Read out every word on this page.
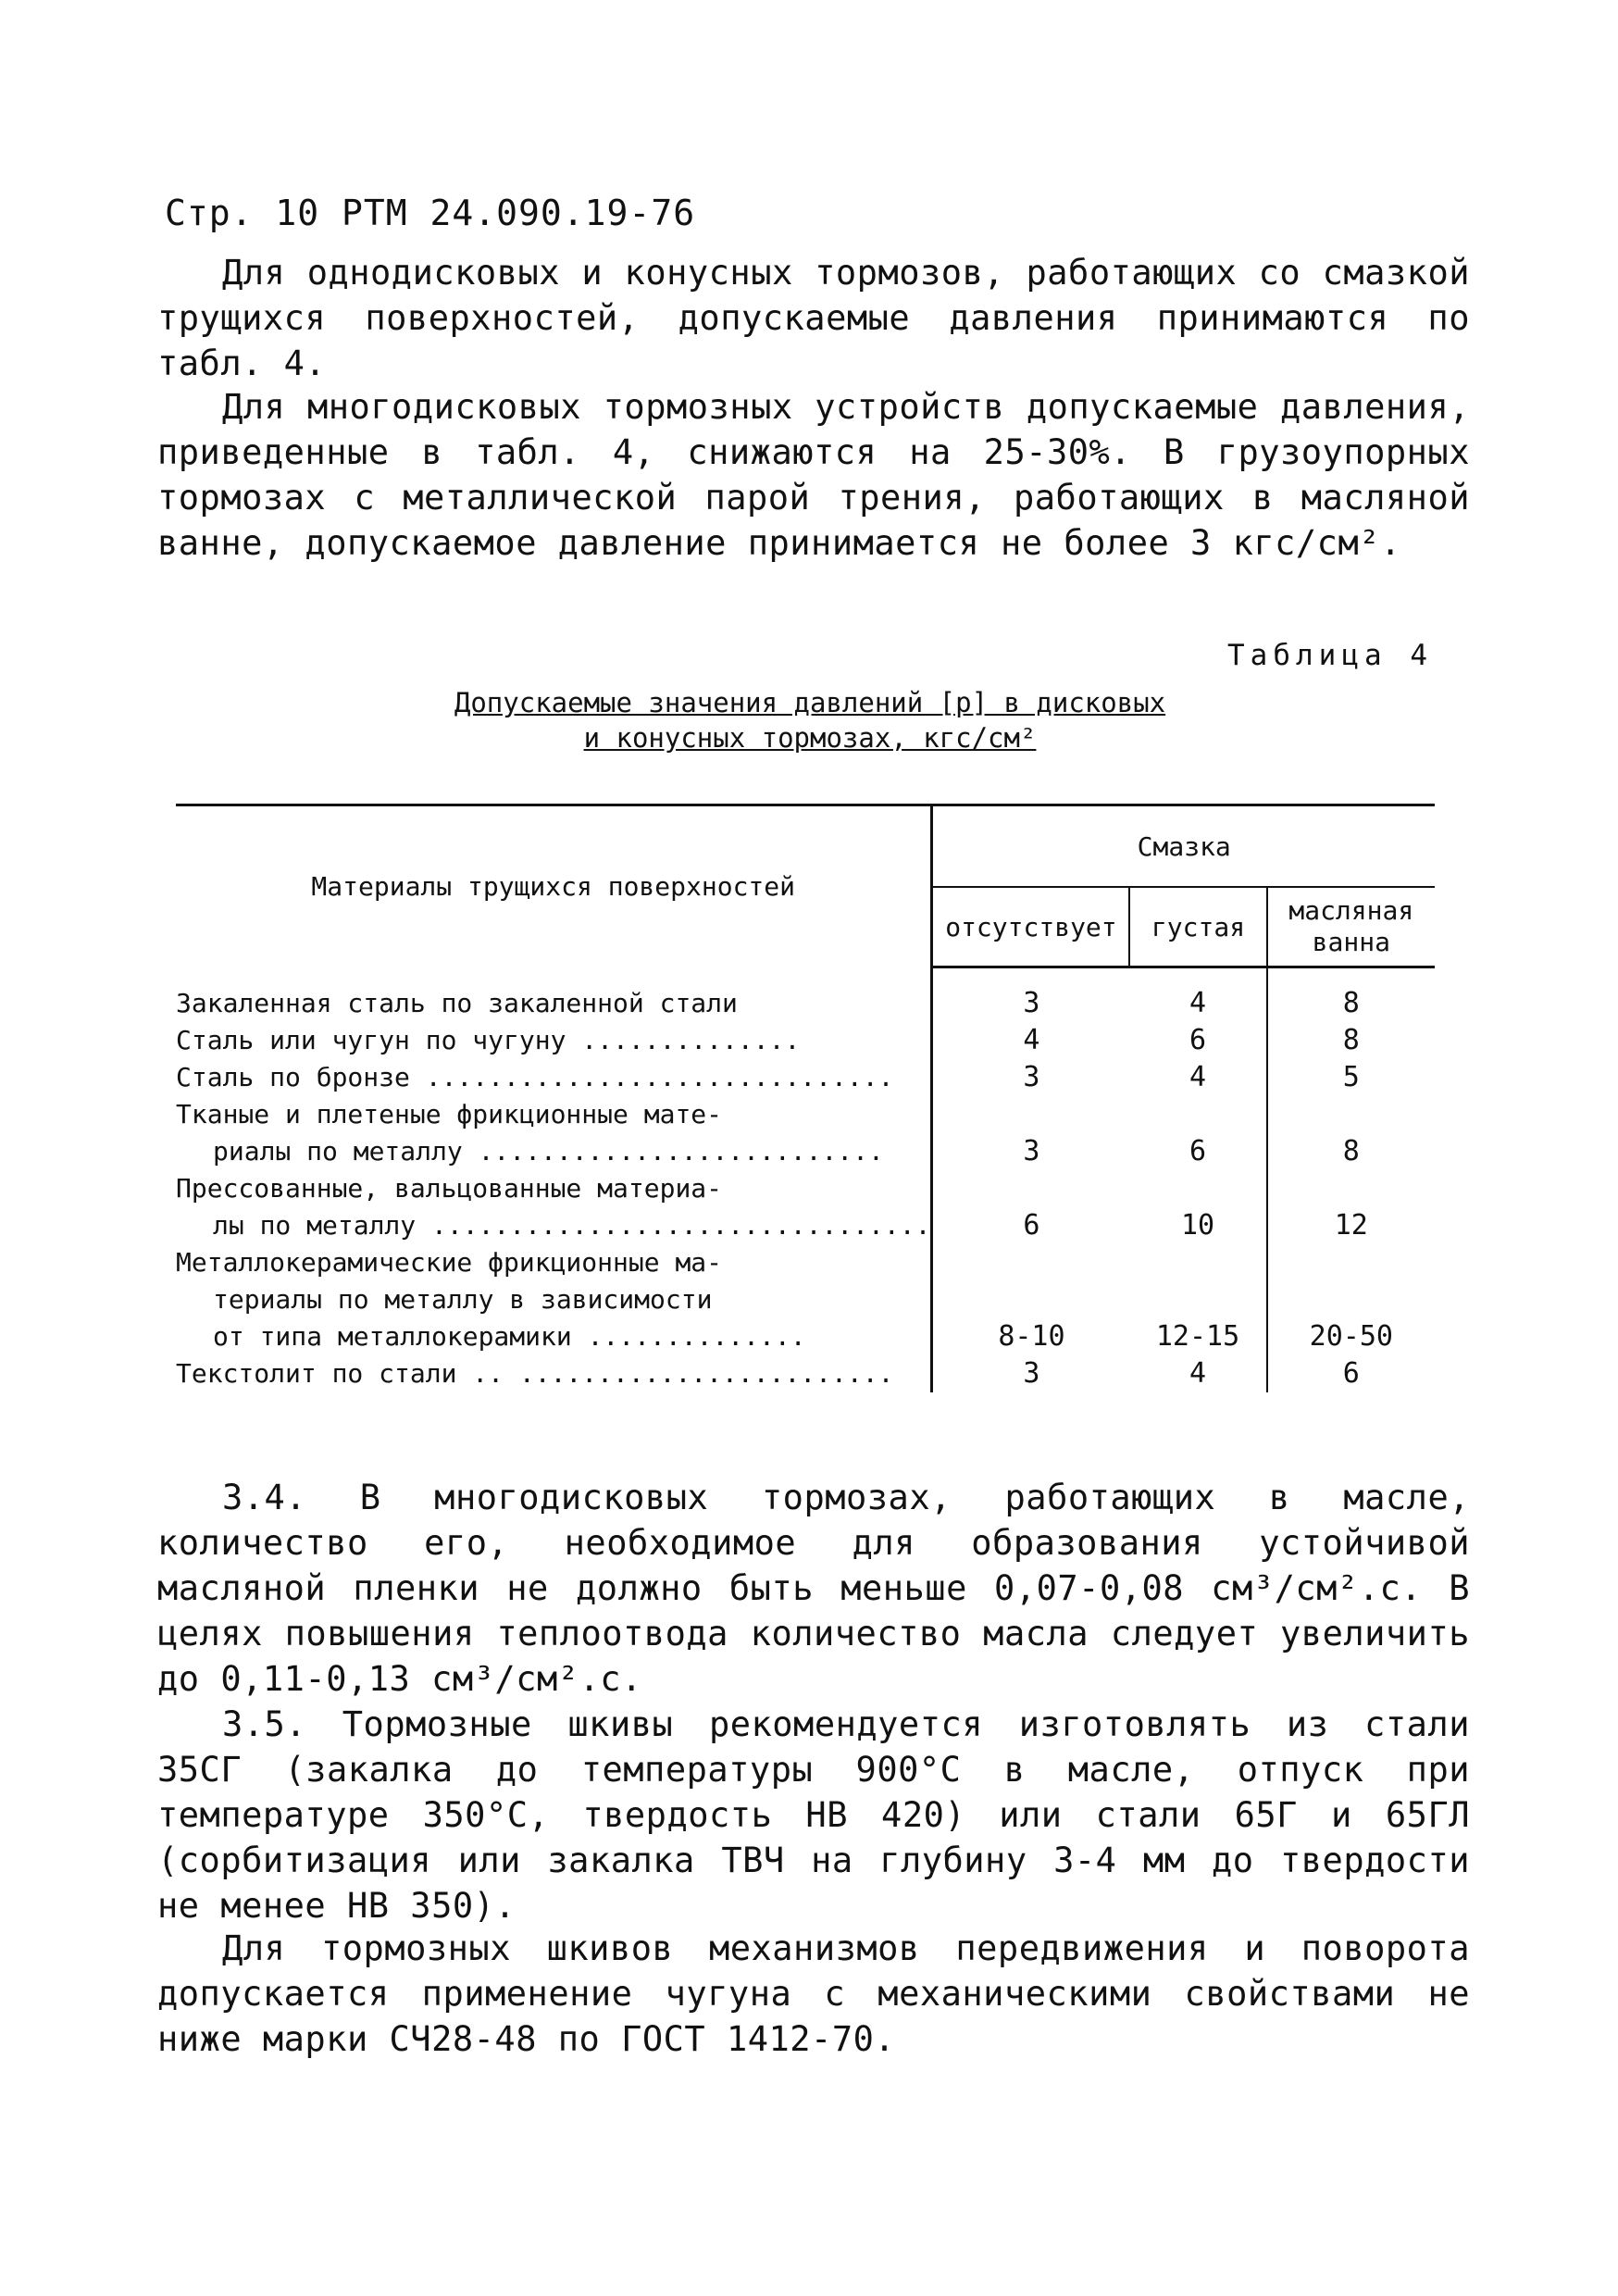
Стр. 10 РТМ 24.090.19-76

Для однодисковых и конусных тормозов, работающих со смазкой трущихся поверхностей, допускаемые давления принимаются по табл. 4.

Для многодисковых тормозных устройств допускаемые давления, приведенные в табл. 4, снижаются на 25-30%. В грузоупорных тормозах с металлической парой трения, работающих в масляной ванне, допускаемое давление принимается не более 3 кгс/см².

Таблица 4
Допускаемые значения давлений [p] в дисковых
и конусных тормозах, кгс/см²
Материалы трущихся поверхностей	Смазка		
	отсутствует	густая	масляная ванна

Закаленная сталь по закаленной стали	3	4	8
Сталь или чугун по чугуну ..............	4	6	8
Сталь по бронзе ..............................	3	4	5
Тканые и плетеные фрикционные мате-			
риалы по металлу ..........................	3	6	8
Прессованные, вальцованные материа-			
лы по металлу ................................	6	10	12
Металлокерамические фрикционные ма-			
териалы по металлу в зависимости			
от типа металлокерамики ..............	8-10	12-15	20-50
Текстолит по стали .. ........................	3	4	6

3.4. В многодисковых тормозах, работающих в масле, количество его, необходимое для образования устойчивой масляной пленки не должно быть меньше 0,07-0,08 см³/см².с. В целях повышения теплоотвода количество масла следует увеличить до 0,11-0,13 см³/см².с.

3.5. Тормозные шкивы рекомендуется изготовлять из стали 35СГ (закалка до температуры 900°С в масле, отпуск при температуре 350°С, твердость НВ 420) или стали 65Г и 65ГЛ (сорбитизация или закалка ТВЧ на глубину 3-4 мм до твердости не менее НВ 350).

Для тормозных шкивов механизмов передвижения и поворота допускается применение чугуна с механическими свойствами не ниже марки СЧ28-48 по ГОСТ 1412-70.
